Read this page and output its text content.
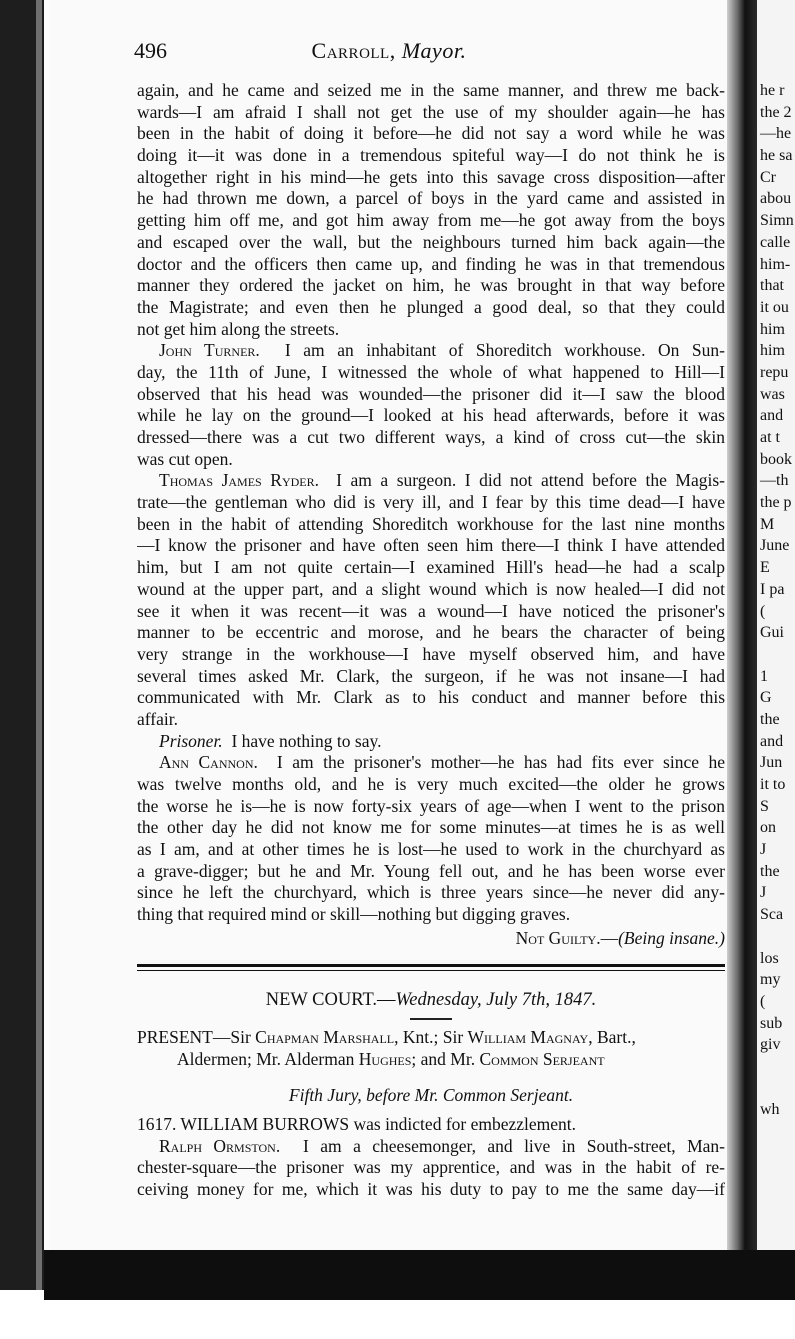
496	Carroll, Mayor.
again, and he came and seized me in the same manner, and threw me back-
wards—I am afraid I shall not get the use of my shoulder again—he has
been in the habit of doing it before—he did not say a word while he was
doing it—it was done in a tremendous spiteful way—I do not think he is
altogether right in his mind—he gets into this savage cross disposition—after
he had thrown me down, a parcel of boys in the yard came and assisted in
getting him off me, and got him away from me—he got away from the boys
and escaped over the wall, but the neighbours turned him back again—the
doctor and the officers then came up, and finding he was in that tremendous
manner they ordered the jacket on him, he was brought in that way before
the Magistrate; and even then he plunged a good deal, so that they could
not get him along the streets.
John Turner. I am an inhabitant of Shoreditch workhouse. On Sun-
day, the 11th of June, I witnessed the whole of what happened to Hill—I
observed that his head was wounded—the prisoner did it—I saw the blood
while he lay on the ground—I looked at his head afterwards, before it was
dressed—there was a cut two different ways, a kind of cross cut—the skin
was cut open.
Thomas James Ryder. I am a surgeon. I did not attend before the Magis-
trate—the gentleman who did is very ill, and I fear by this time dead—I have
been in the habit of attending Shoreditch workhouse for the last nine months
—I know the prisoner and have often seen him there—I think I have attended
him, but I am not quite certain—I examined Hill's head—he had a scalp
wound at the upper part, and a slight wound which is now healed—I did not
see it when it was recent—it was a wound—I have noticed the prisoner's
manner to be eccentric and morose, and he bears the character of being
very strange in the workhouse—I have myself observed him, and have
several times asked Mr. Clark, the surgeon, if he was not insane—I had
communicated with Mr. Clark as to his conduct and manner before this
affair.
Prisoner. I have nothing to say.
Ann Cannon. I am the prisoner's mother—he has had fits ever since he
was twelve months old, and he is very much excited—the older he grows
the worse he is—he is now forty-six years of age—when I went to the prison
the other day he did not know me for some minutes—at times he is as well
as I am, and at other times he is lost—he used to work in the churchyard as
a grave-digger; but he and Mr. Young fell out, and he has been worse ever
since he left the churchyard, which is three years since—he never did any-
thing that required mind or skill—nothing but digging graves.
Not Guilty.—(Being insane.)
NEW COURT.—Wednesday, July 7th, 1847.
PRESENT—Sir Chapman Marshall, Knt.; Sir William Magnay, Bart.,
Aldermen; Mr. Alderman Hughes; and Mr. Common Serjeant
Fifth Jury, before Mr. Common Serjeant.
1617. WILLIAM BURROWS was indicted for embezzlement.
Ralph Ormston. I am a cheesemonger, and live in South-street, Man-
chester-square—the prisoner was my apprentice, and was in the habit of re-
ceiving money for me, which it was his duty to pay to me the same day—if
he r
the 2
—he
he sa
Cr
abou
Simn
calle
him-
that
it ou
him
him
repu
was
and
at t
book
—th
the p
M
June
E
I pa
(
Gui
1
G
the
and
Jun
it to
S
on
J
the
J
Sca
los
my
(
sub
giv
wh
